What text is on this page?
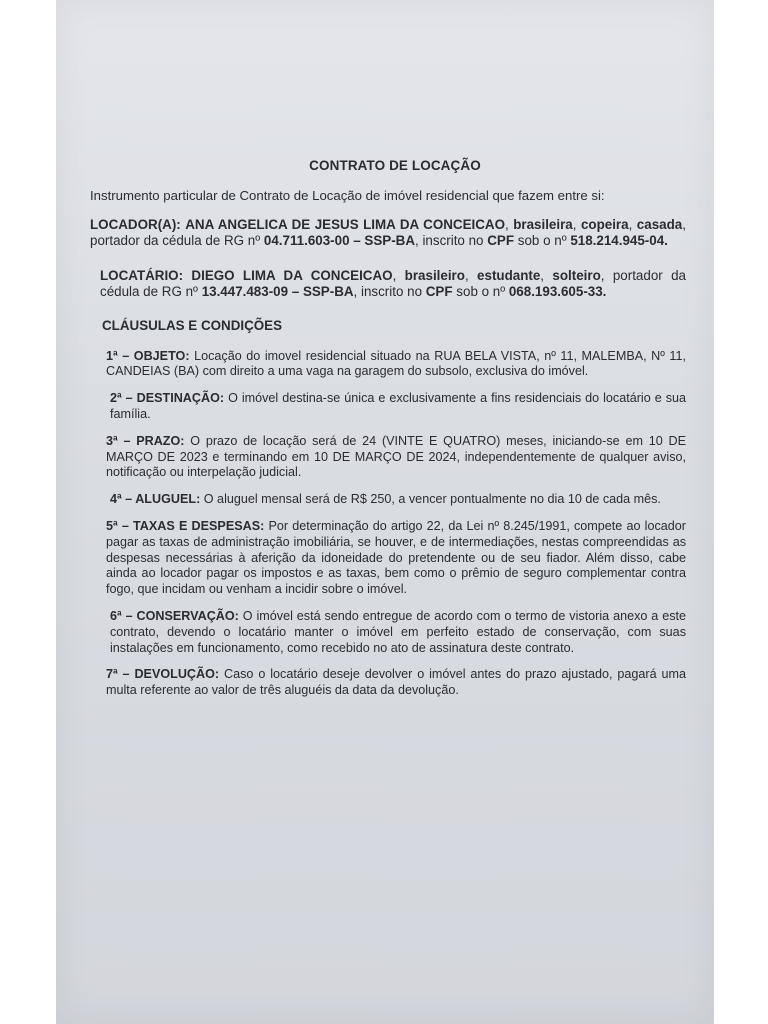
CONTRATO DE LOCAÇÃO
Instrumento particular de Contrato de Locação de imóvel residencial que fazem entre si:
LOCADOR(A): ANA ANGELICA DE JESUS LIMA DA CONCEICAO, brasileira, copeira, casada, portador da cédula de RG nº 04.711.603-00 – SSP-BA, inscrito no CPF sob o nº 518.214.945-04.
LOCATÁRIO: DIEGO LIMA DA CONCEICAO, brasileiro, estudante, solteiro, portador da cédula de RG nº 13.447.483-09 – SSP-BA, inscrito no CPF sob o nº 068.193.605-33.
CLÁUSULAS E CONDIÇÕES
1ª – OBJETO: Locação do imovel residencial situado na RUA BELA VISTA, nº 11, MALEMBA, Nº 11, CANDEIAS (BA) com direito a uma vaga na garagem do subsolo, exclusiva do imóvel.
2ª – DESTINAÇÃO: O imóvel destina-se única e exclusivamente a fins residenciais do locatário e sua família.
3ª – PRAZO: O prazo de locação será de 24 (VINTE E QUATRO) meses, iniciando-se em 10 DE MARÇO DE 2023 e terminando em 10 DE MARÇO DE 2024, independentemente de qualquer aviso, notificação ou interpelação judicial.
4ª – ALUGUEL: O aluguel mensal será de R$ 250, a vencer pontualmente no dia 10 de cada mês.
5ª – TAXAS E DESPESAS: Por determinação do artigo 22, da Lei nº 8.245/1991, compete ao locador pagar as taxas de administração imobiliária, se houver, e de intermediações, nestas compreendidas as despesas necessárias à aferição da idoneidade do pretendente ou de seu fiador. Além disso, cabe ainda ao locador pagar os impostos e as taxas, bem como o prêmio de seguro complementar contra fogo, que incidam ou venham a incidir sobre o imóvel.
6ª – CONSERVAÇÃO: O imóvel está sendo entregue de acordo com o termo de vistoria anexo a este contrato, devendo o locatário manter o imóvel em perfeito estado de conservação, com suas instalações em funcionamento, como recebido no ato de assinatura deste contrato.
7ª – DEVOLUÇÃO: Caso o locatário deseje devolver o imóvel antes do prazo ajustado, pagará uma multa referente ao valor de três aluguéis da data da devolução.
